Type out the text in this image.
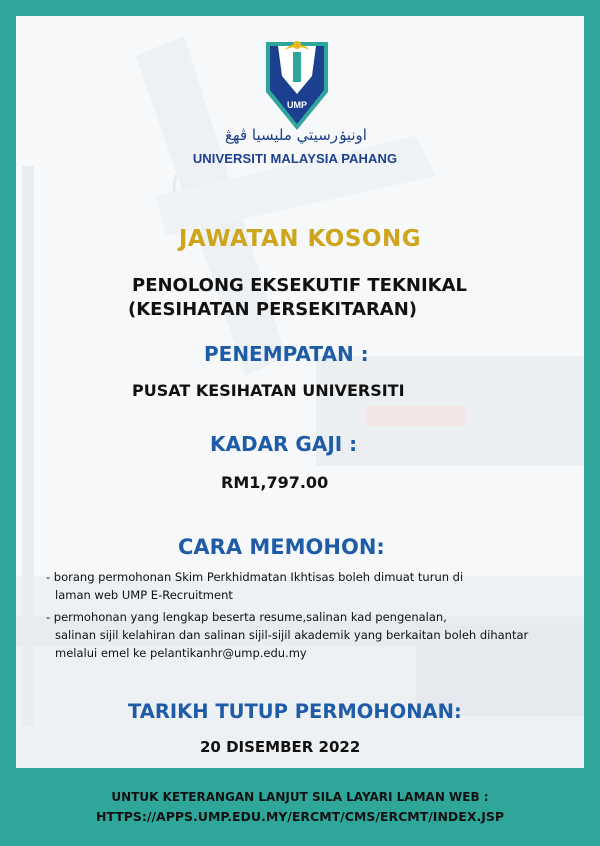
UMP
اونيۏرسيتي مليسيا ڤهڠ
UNIVERSITI MALAYSIA PAHANG
JAWATAN KOSONG
PENOLONG EKSEKUTIF TEKNIKAL
(KESIHATAN PERSEKITARAN)
PENEMPATAN :
PUSAT KESIHATAN UNIVERSITI
KADAR GAJI :
RM1,797.00
CARA MEMOHON:
- borang permohonan Skim Perkhidmatan Ikhtisas boleh dimuat turun di
laman web UMP E-Recruitment
- permohonan yang lengkap beserta resume,salinan kad pengenalan,
salinan sijil kelahiran dan salinan sijil-sijil akademik yang berkaitan boleh dihantar
melalui emel ke pelantikanhr@ump.edu.my
TARIKH TUTUP PERMOHONAN:
20 DISEMBER 2022
UNTUK KETERANGAN LANJUT SILA LAYARI LAMAN WEB :
HTTPS://APPS.UMP.EDU.MY/ERCMT/CMS/ERCMT/INDEX.JSP
